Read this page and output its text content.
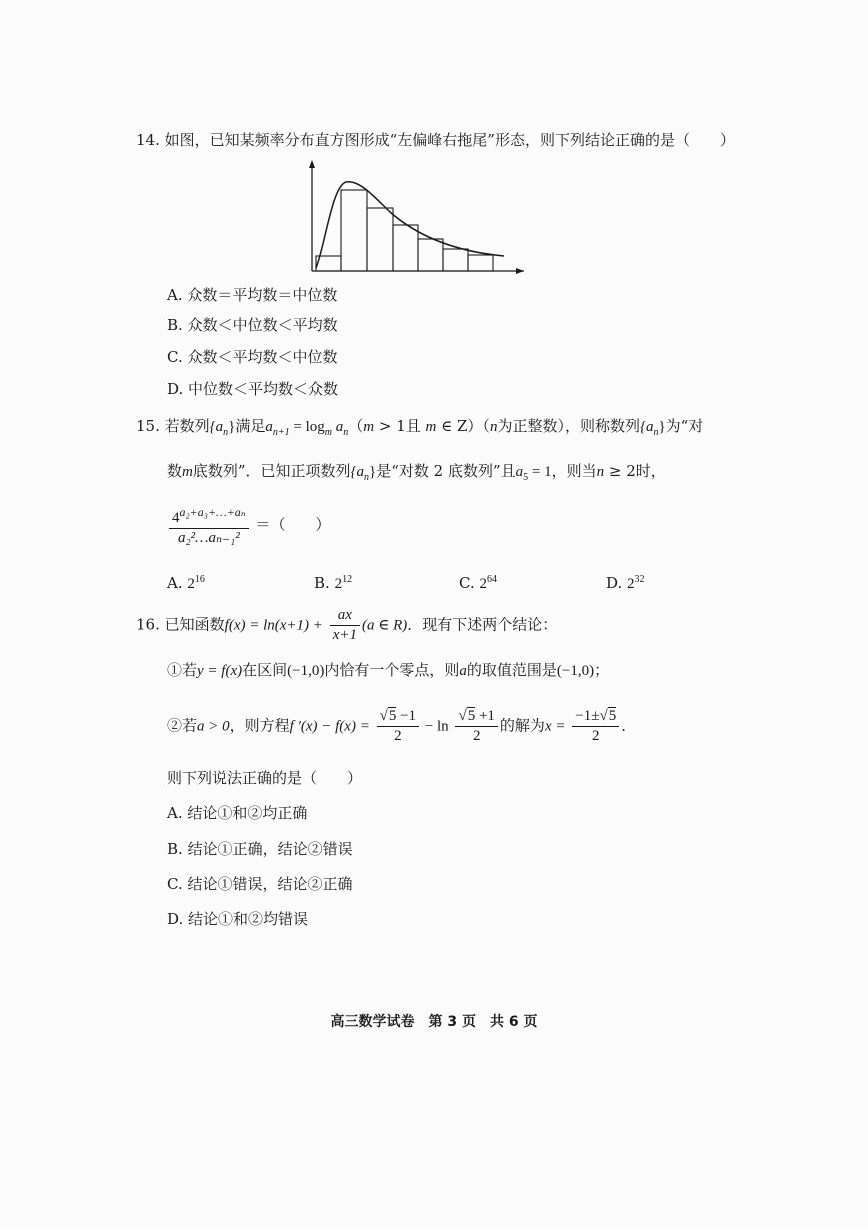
14. 如图，已知某频率分布直方图形成“左偏峰右拖尾”形态，则下列结论正确的是（　　）
A. 众数＝平均数＝中位数
B. 众数＜中位数＜平均数
C. 众数＜平均数＜中位数
D. 中位数＜平均数＜众数
15. 若数列$\{a_n\}$满足$a_{n+1} = \log_m a_n(m > 1$且 m ∈ Z）（n为正整数），则称数列$\{a_n\}$为“对
数m底数列”．已知正项数列$\{a_n\}$是“对数 2 底数列”且$a_5 = 1$，则当n ≥ 2时，
$\frac{4^{a_2+a_3+\dots+a_n}}{\text{a₂²…aₙ₋₁²}}$ ＝（　　）
A. $2^{16}$	B. $2^{12}$	C. $2^{64}$	D. $2^{32}$
16. 已知函数$f(x) = \ln(x+1) + \frac{ax}{x+1} (a$ ∈ R)．现有下述两个结论：
①若y = f(x)在区间(−1,0)内恰有一个零点，则a的取值范围是(−1,0)；
②若a > 0，则方程f $'(x) - f(x) = \frac{√5 -1}{2} - \ln \frac{√5 +1}{2}$ 的解为$x = \frac{-1\pm√5}{2}$ ．
则下列说法正确的是（　　）
A. 结论①和②均正确
B. 结论①正确，结论②错误
C. 结论①错误，结论②正确
D. 结论①和②均错误
高三数学试卷　第 3 页　共 6 页
